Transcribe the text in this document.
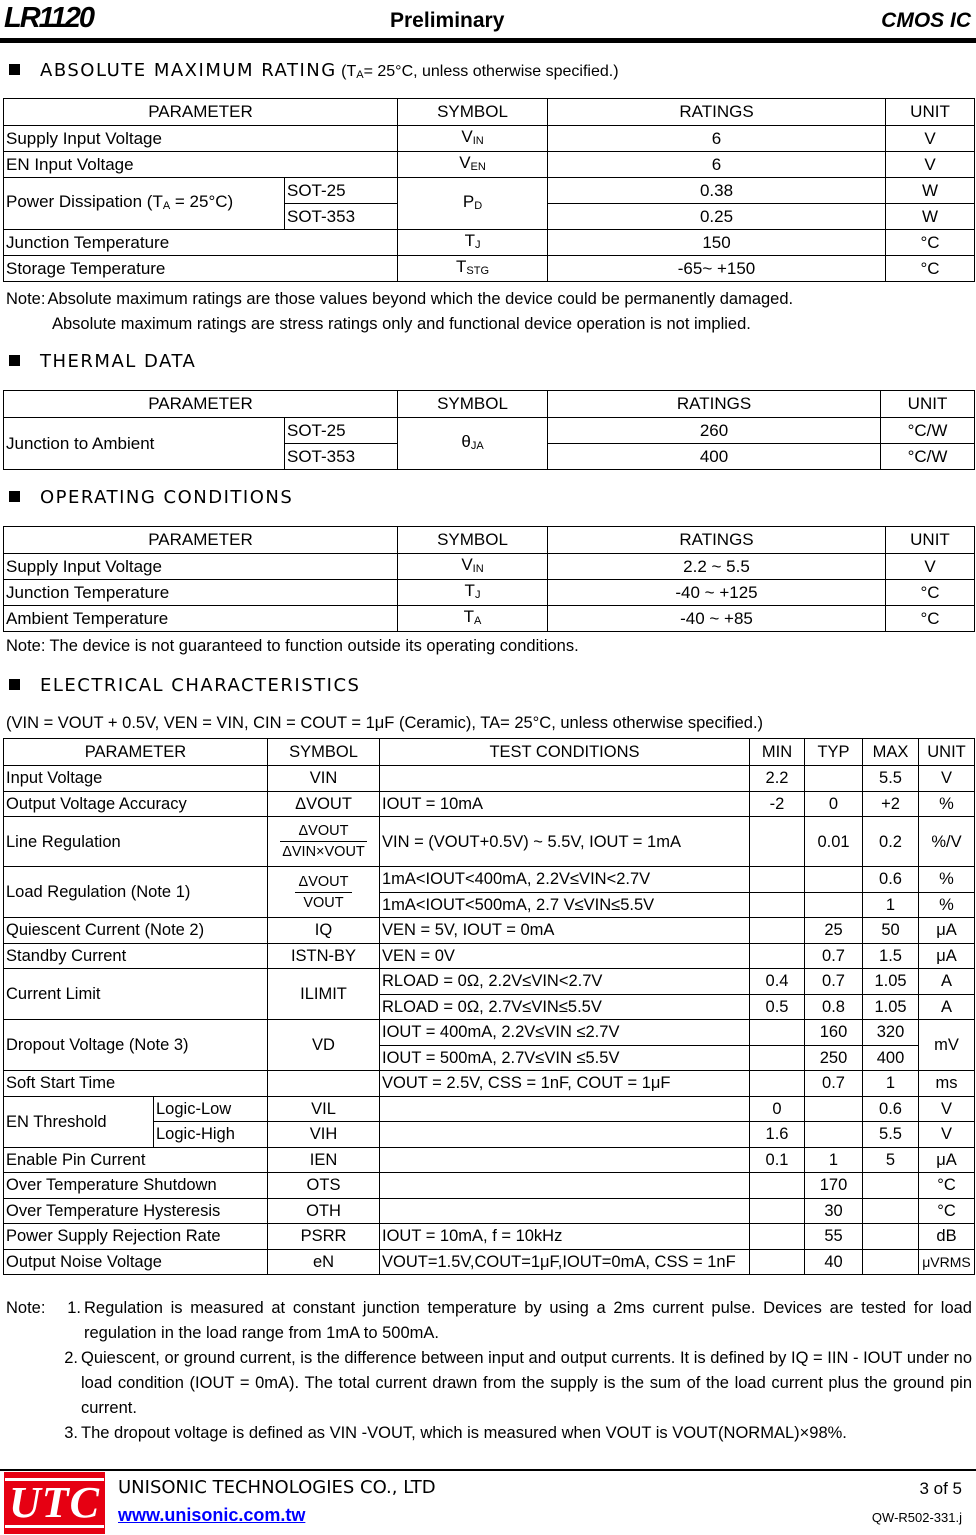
LR1120	Preliminary	CMOS IC
ABSOLUTE MAXIMUM RATING ($T_A= 25^\circ C$, unless otherwise specified.)
PARAMETER		SYMBOL	RATINGS	UNIT
Supply Input Voltage		$V_{IN}$	6	V
EN Input Voltage		$V_{EN}$	6	V
Power Dissipation $(T_A = 25^\circ C)$	SOT-25	$P_D$	0.38	W
	SOT-353		0.25	W
Junction Temperature		$T_J$	150	°C
Storage Temperature		$T_{STG}$	-65~ +150	°C
Note: Absolute maximum ratings are those values beyond which the device could be permanently damaged.
Absolute maximum ratings are stress ratings only and functional device operation is not implied.
THERMAL DATA
PARAMETER		SYMBOL	RATINGS	UNIT
Junction to Ambient	SOT-25	$\theta_{JA}$	260	°C/W
	SOT-353		400	°C/W
OPERATING CONDITIONS
PARAMETER	SYMBOL	RATINGS	UNIT
Supply Input Voltage	$V_{IN}$	2.2 ~ 5.5	V
Junction Temperature	$T_J$	-40 ~ +125	°C
Ambient Temperature	$T_A$	-40 ~ +85	°C
Note: The device is not guaranteed to function outside its operating conditions.
ELECTRICAL CHARACTERISTICS
(VIN = VOUT + 0.5V, VEN = VIN, CIN = COUT = 1μF (Ceramic), TA= 25°C, unless otherwise specified.)
PARAMETER		SYMBOL	TEST CONDITIONS	MIN	TYP	MAX	UNIT
Input Voltage		VIN		2.2		5.5	V
Output Voltage Accuracy		ΔVOUT	IOUT = 10mA	-2	0	+2	%
Line Regulation		$\frac{\text{ΔVOUT}}{\text{ΔVIN×VOUT}}$	VIN = (VOUT+0.5V) ~ 5.5V, IOUT = 1mA		0.01	0.2	%/V
Load Regulation (Note 1)		$\frac{\text{ΔVOUT}}{\text{VOUT}}$	1mA<IOUT<400mA, 2.2V≤VIN<2.7V			0.6	%
			1mA<IOUT<500mA, 2.7 V≤VIN≤5.5V			1	%
Quiescent Current (Note 2)		IQ	VEN = 5V, IOUT = 0mA		25	50	μA
Standby Current		ISTN-BY	VEN = 0V		0.7	1.5	μA
Current Limit		ILIMIT	RLOAD = 0Ω, 2.2V≤VIN<2.7V	0.4	0.7	1.05	A
			RLOAD = 0Ω, 2.7V≤VIN≤5.5V	0.5	0.8	1.05	A
Dropout Voltage (Note 3)		VD	IOUT = 400mA, 2.2V≤VIN ≤2.7V		160	320	mV
			IOUT = 500mA, 2.7V≤VIN ≤5.5V		250	400	
Soft Start Time			VOUT = 2.5V, CSS = 1nF, COUT = 1μF		0.7	1	ms
EN Threshold	Logic-Low	VIL		0		0.6	V
	Logic-High	VIH		1.6		5.5	V
Enable Pin Current		IEN		0.1	1	5	μA
Over Temperature Shutdown		OTS			170		°C
Over Temperature Hysteresis		OTH			30		°C
Power Supply Rejection Rate		PSRR	IOUT = 10mA, f = 10kHz		55		dB
Output Noise Voltage		eN	VOUT=1.5V,COUT=1μF,IOUT=0mA, CSS = 1nF		40		μVRMS
Note:	1. Regulation is measured at constant junction temperature by using a 2ms current pulse. Devices are tested for load regulation in the load range from 1mA to 500mA.
2. Quiescent, or ground current, is the difference between input and output currents. It is defined by IQ = IIN - IOUT under no load condition (IOUT = 0mA). The total current drawn from the supply is the sum of the load current plus the ground pin current.
3. The dropout voltage is defined as VIN -VOUT, which is measured when VOUT is VOUT(NORMAL)×98%.
UTC UNISONIC TECHNOLOGIES CO., LTD
www.unisonic.com.tw
3 of 5
QW-R502-331.j
